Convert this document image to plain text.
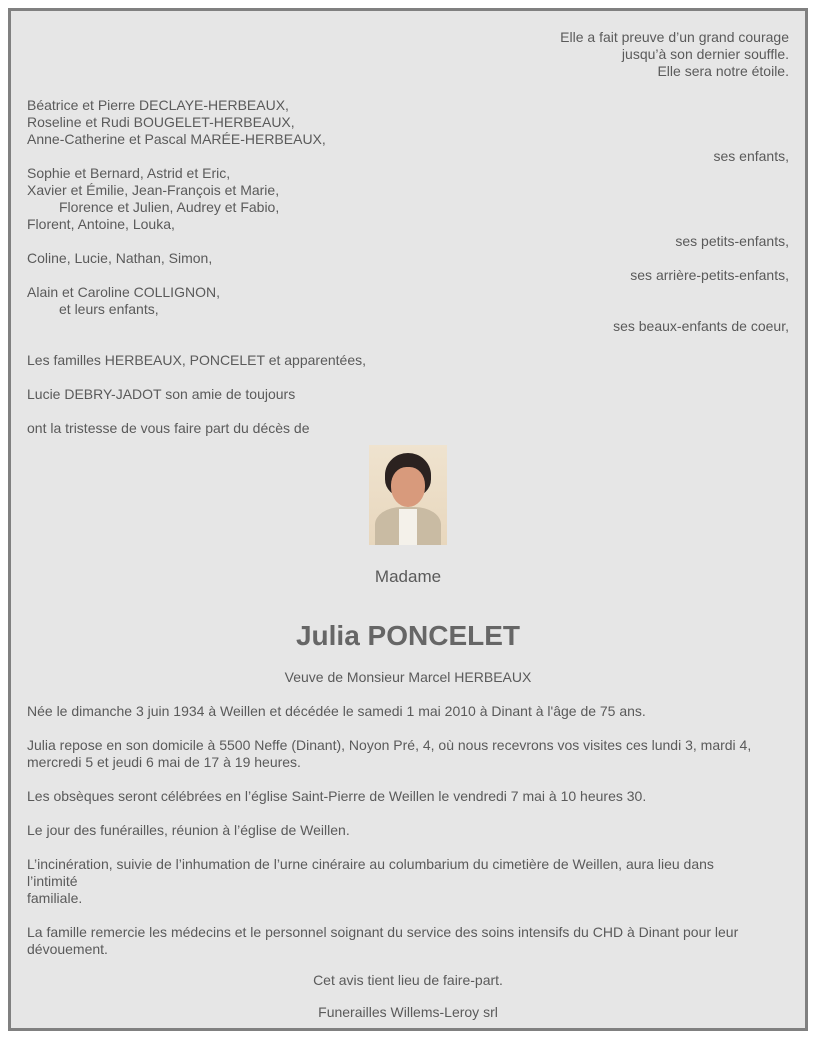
Elle a fait preuve d’un grand courage
jusqu’à son dernier souffle.
Elle sera notre étoile.
Béatrice et Pierre DECLAYE-HERBEAUX,
Roseline et Rudi BOUGELET-HERBEAUX,
Anne-Catherine et Pascal MARÉE-HERBEAUX,
ses enfants,
Sophie et Bernard, Astrid et Eric,
Xavier et Émilie, Jean-François et Marie,
Florence et Julien, Audrey et Fabio,
Florent, Antoine, Louka,
ses petits-enfants,
Coline, Lucie, Nathan, Simon,
ses arrière-petits-enfants,
Alain et Caroline COLLIGNON,
et leurs enfants,
ses beaux-enfants de coeur,
Les familles HERBEAUX, PONCELET et apparentées,
Lucie DEBRY-JADOT son amie de toujours
ont la tristesse de vous faire part du décès de
Madame
Julia PONCELET
Veuve de Monsieur Marcel HERBEAUX
Née le dimanche 3 juin 1934 à Weillen et décédée le samedi 1 mai 2010 à Dinant à l'âge de 75 ans.
Julia repose en son domicile à 5500 Neffe (Dinant), Noyon Pré, 4, où nous recevrons vos visites ces lundi 3, mardi 4,
mercredi 5 et jeudi 6 mai de 17 à 19 heures.
Les obsèques seront célébrées en l’église Saint-Pierre de Weillen le vendredi 7 mai à 10 heures 30.
Le jour des funérailles, réunion à l’église de Weillen.
L’incinération, suivie de l’inhumation de l’urne cinéraire au columbarium du cimetière de Weillen, aura lieu dans
l’intimité
familiale.
La famille remercie les médecins et le personnel soignant du service des soins intensifs du CHD à Dinant pour leur
dévouement.
Cet avis tient lieu de faire-part.
Funerailles Willems-Leroy srl
